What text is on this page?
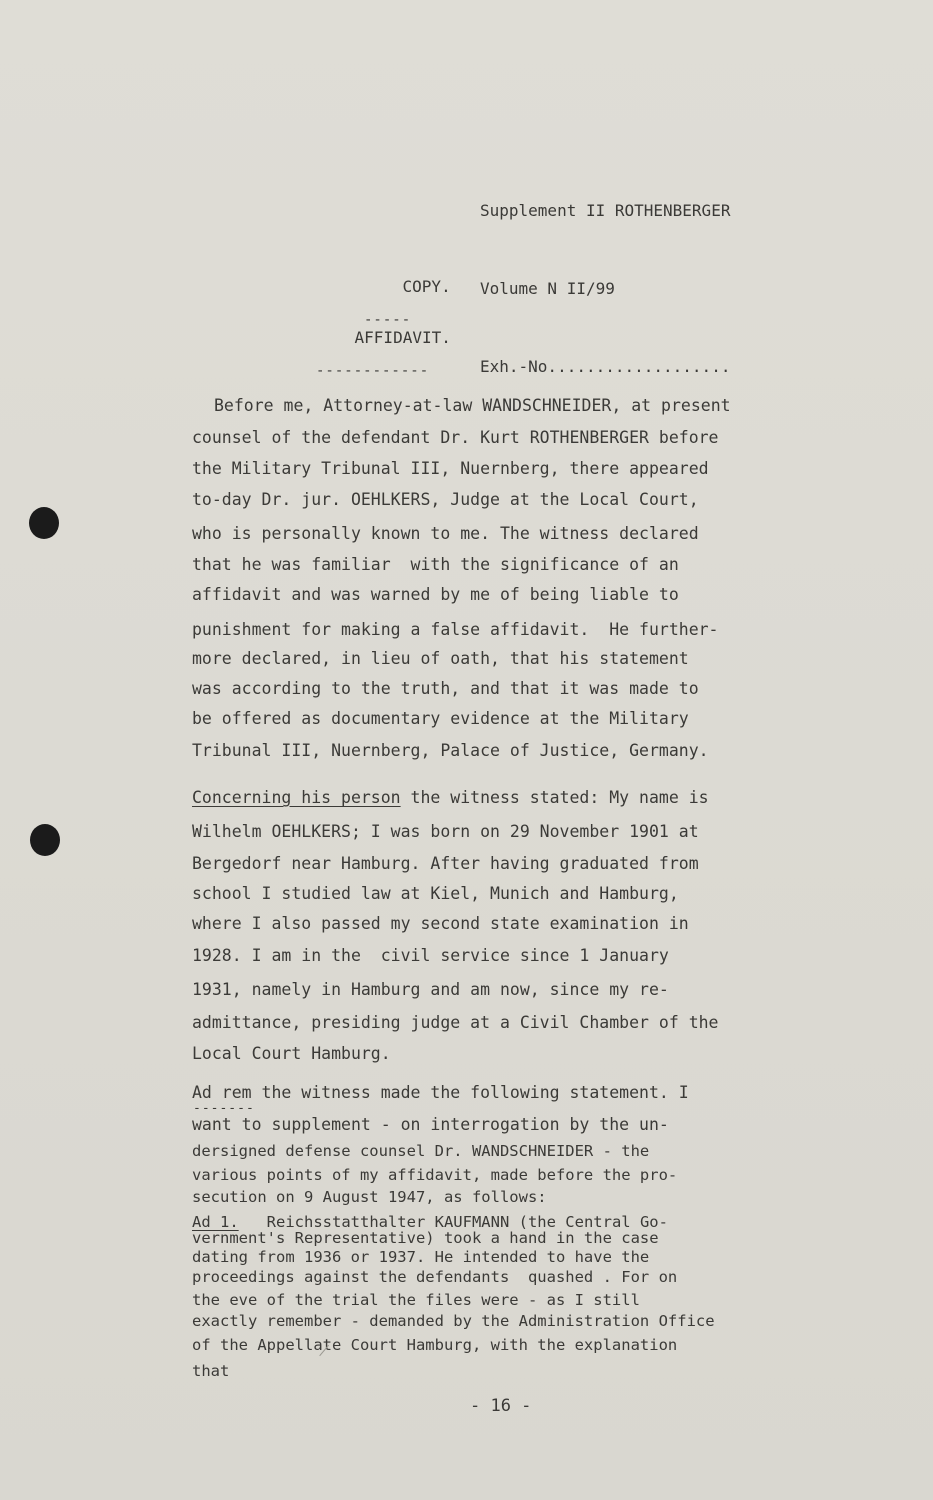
Supplement II ROTHENBERGER

Volume N II/99

Exh.-No...................

COPY.

-----

AFFIDAVIT.

------------

Before me, Attorney-at-law WANDSCHNEIDER, at present
counsel of the defendant Dr. Kurt ROTHENBERGER before
the Military Tribunal III, Nuernberg, there appeared
to-day Dr. jur. OEHLKERS, Judge at the Local Court,
who is personally known to me. The witness declared
that he was familiar  with the significance of an
affidavit and was warned by me of being liable to
punishment for making a false affidavit.  He further-
more declared, in lieu of oath, that his statement
was according to the truth, and that it was made to
be offered as documentary evidence at the Military
Tribunal III, Nuernberg, Palace of Justice, Germany.
Concerning his person the witness stated: My name is
Wilhelm OEHLKERS; I was born on 29 November 1901 at
Bergedorf near Hamburg. After having graduated from
school I studied law at Kiel, Munich and Hamburg,
where I also passed my second state examination in
1928. I am in the  civil service since 1 January
1931, namely in Hamburg and am now, since my re-
admittance, presiding judge at a Civil Chamber of the
Local Court Hamburg.
Ad rem the witness made the following statement. I
-------
want to supplement - on interrogation by the un-
dersigned defense counsel Dr. WANDSCHNEIDER - the
various points of my affidavit, made before the pro-
secution on 9 August 1947, as follows:
Ad 1.   Reichsstatthalter KAUFMANN (the Central Go-
vernment's Representative) took a hand in the case
dating from 1936 or 1937. He intended to have the
proceedings against the defendants  quashed . For on
the eve of the trial the files were - as I still
exactly remember - demanded by the Administration Office
of the Appellate Court Hamburg, with the explanation
that
- 16 -
